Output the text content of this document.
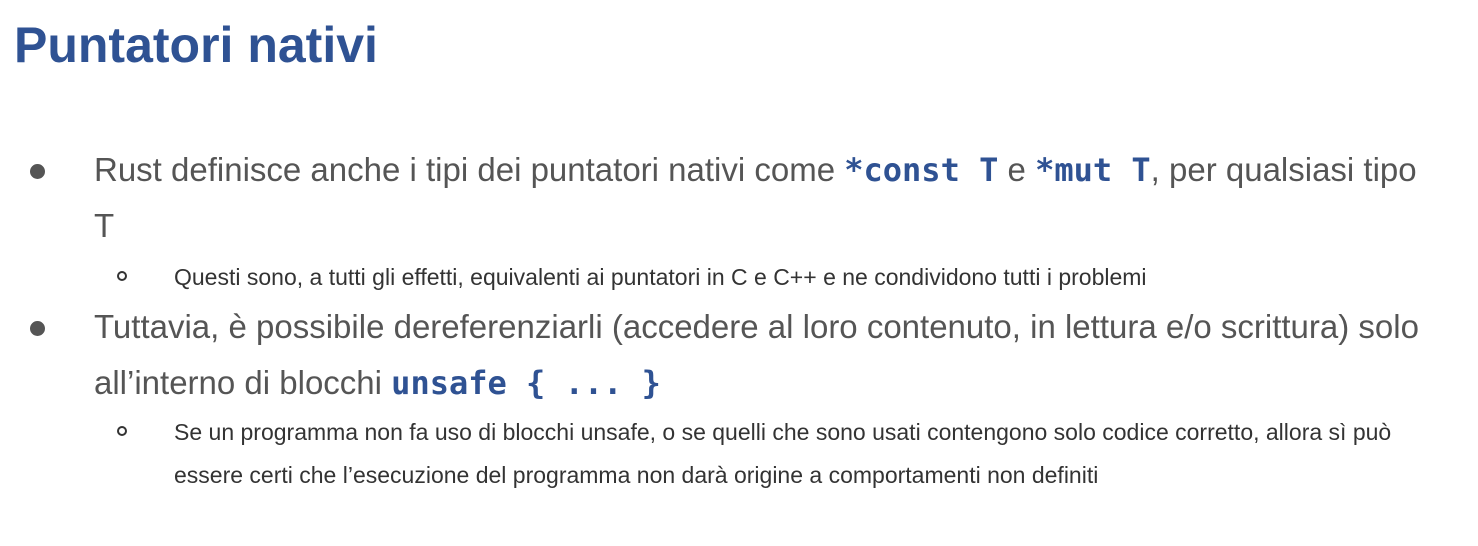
Puntatori nativi
Rust definisce anche i tipi dei puntatori nativi come *const T e *mut T, per qualsiasi tipo T
Questi sono, a tutti gli effetti, equivalenti ai puntatori in C e C++ e ne condividono tutti i problemi
Tuttavia, è possibile dereferenziarli (accedere al loro contenuto, in lettura e/o scrittura) solo all’interno di blocchi unsafe { ... }
Se un programma non fa uso di blocchi unsafe, o se quelli che sono usati contengono solo codice corretto, allora sì può essere certi che l’esecuzione del programma non darà origine a comportamenti non definiti
